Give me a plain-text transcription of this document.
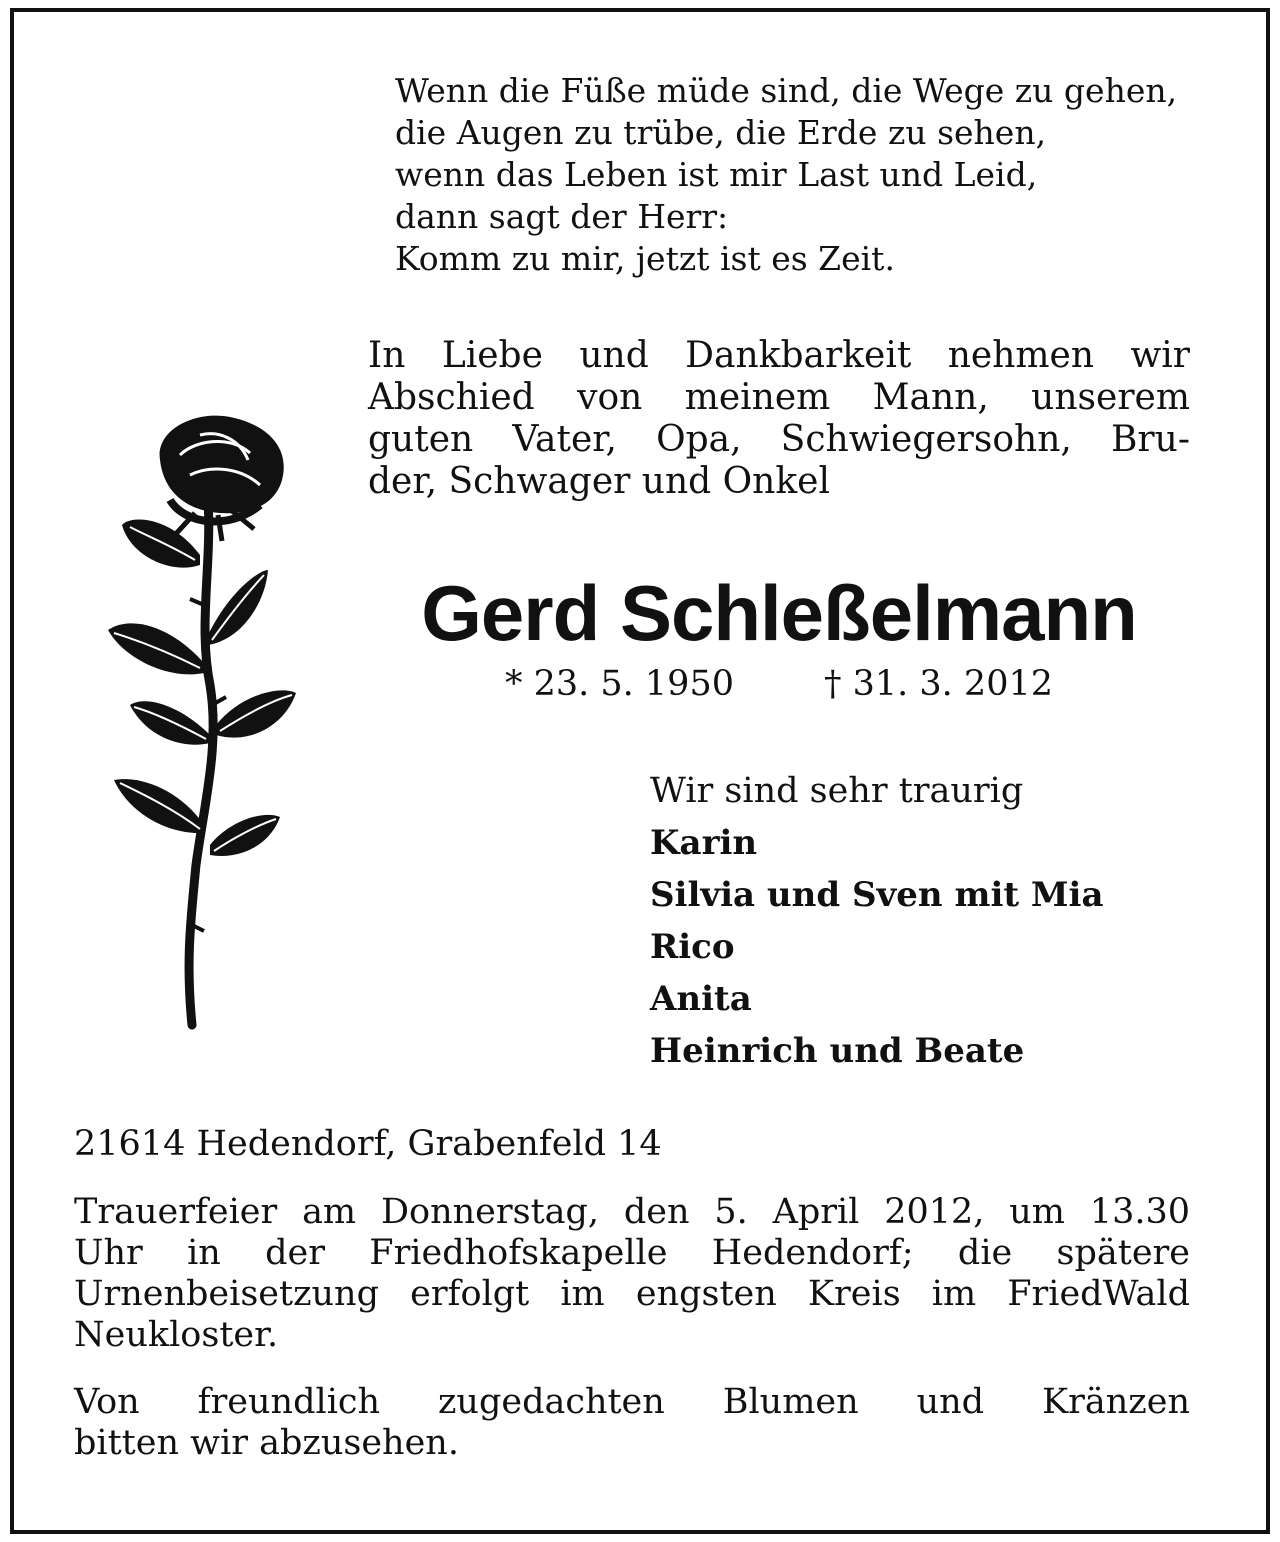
Wenn die Füße müde sind, die Wege zu gehen,
die Augen zu trübe, die Erde zu sehen,
wenn das Leben ist mir Last und Leid,
dann sagt der Herr:
Komm zu mir, jetzt ist es Zeit.
In Liebe und Dankbarkeit nehmen wir
Abschied von meinem Mann, unserem
guten Vater, Opa, Schwiegersohn, Bru-
der, Schwager und Onkel
Gerd Schleßelmann
* 23. 5. 1950	† 31. 3. 2012
Wir sind sehr traurig
Karin
Silvia und Sven mit Mia
Rico
Anita
Heinrich und Beate
21614 Hedendorf, Grabenfeld 14
Trauerfeier am Donnerstag, den 5. April 2012, um 13.30
Uhr in der Friedhofskapelle Hedendorf; die spätere
Urnenbeisetzung erfolgt im engsten Kreis im FriedWald
Neukloster.
Von freundlich zugedachten Blumen und Kränzen
bitten wir abzusehen.
